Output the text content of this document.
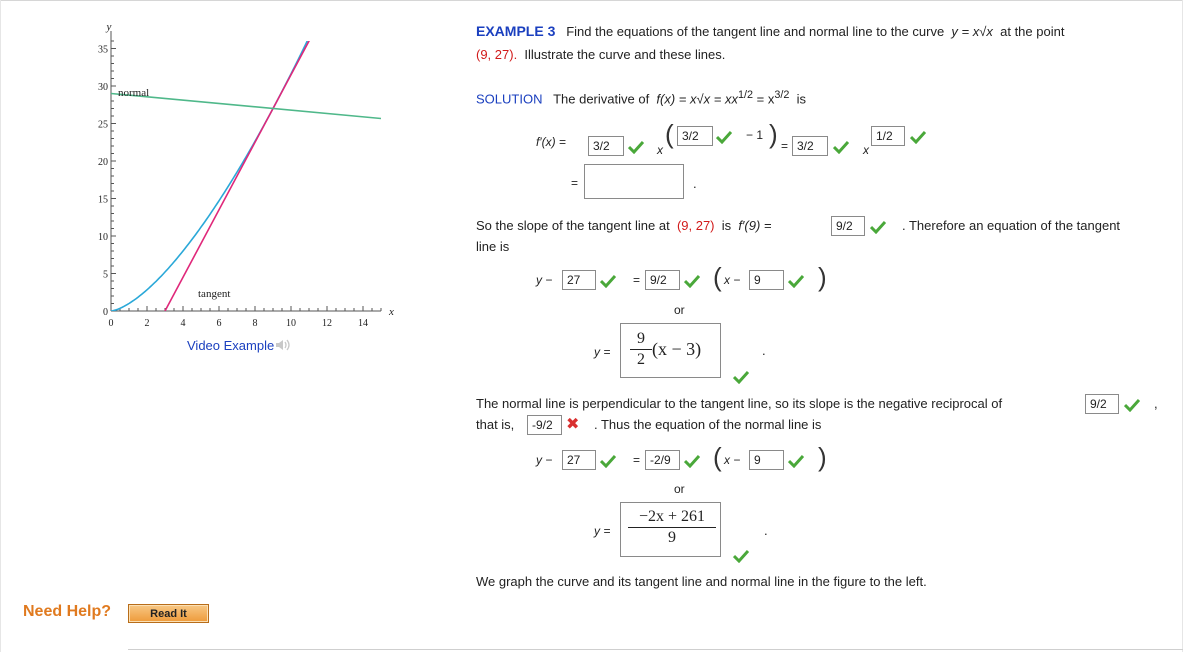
0	2	4	6	8	10	12	14
0
5
10
15
20
25
30
35
x
y
normal
tangent
Video Example
EXAMPLE 3 Find the equations of the tangent line and normal line to the curve y = x√x at the point
(9, 27). Illustrate the curve and these lines.
SOLUTION The derivative of $f(x) = x√x = xx^{1/2} = x^{3/2}$ is
f′(x) =	3/2	x
( 3/2	− 1 ) = 3/2	x
1/2
=	.
So the slope of the tangent line at (9, 27) is f′(9) =	9/2	. Therefore an equation of the tangent
line is
y −	27	= 9/2	( x −	9	)
or
y =
9
2
(x − 3)	.
The normal line is perpendicular to the tangent line, so its slope is the negative reciprocal of	9/2	,
that is,	-9/2 ✖ . Thus the equation of the normal line is
y −	27	= -2/9	( x −	9	)
or
y =
−2x + 261
9	.
We graph the curve and its tangent line and normal line in the figure to the left.
Need Help?	Read It
